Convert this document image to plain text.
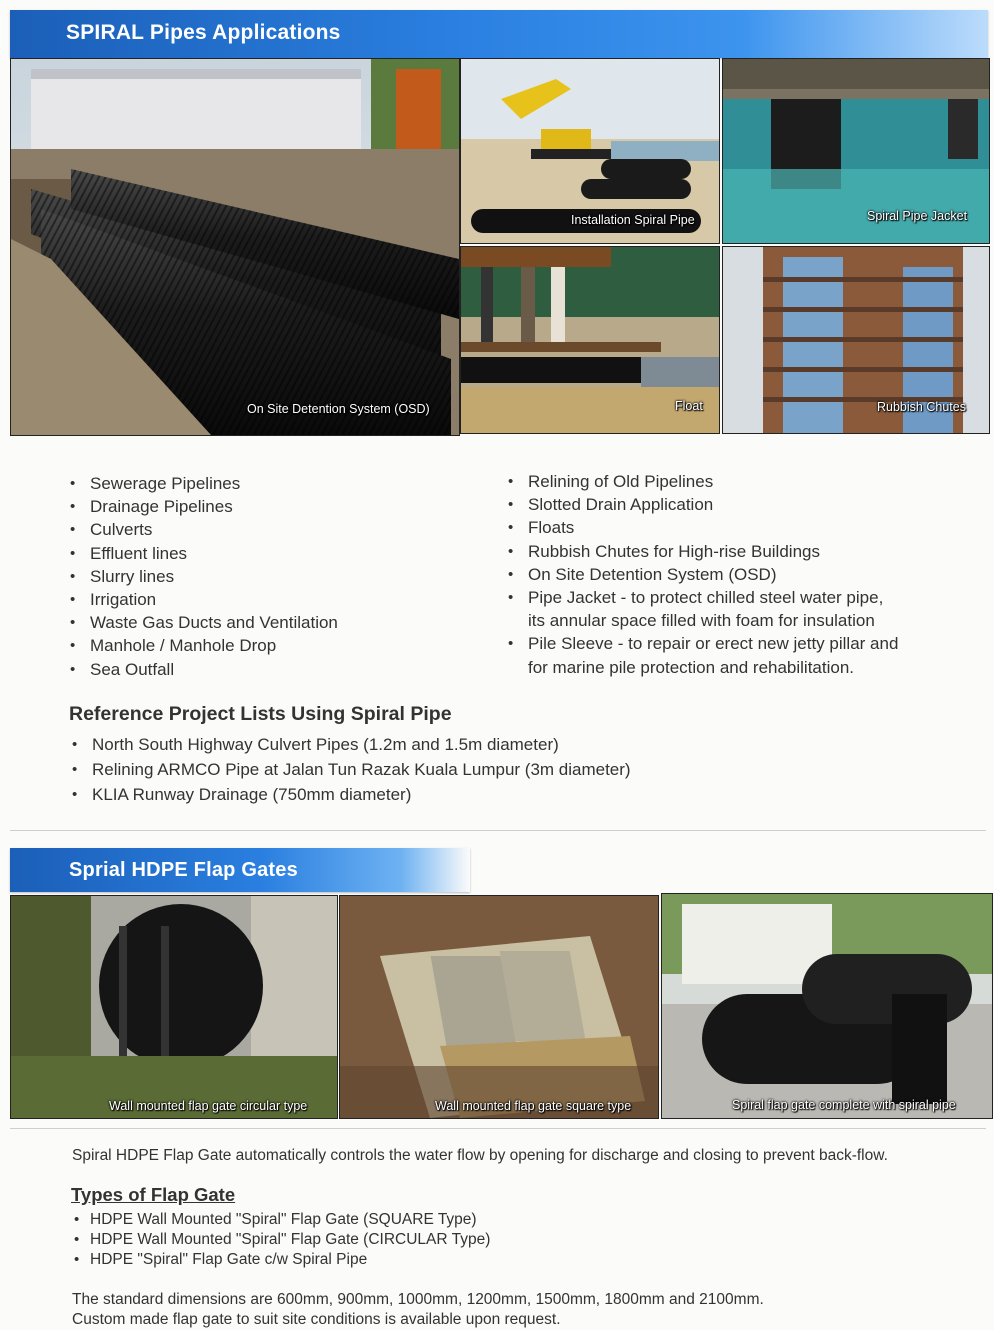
SPIRAL Pipes Applications
On Site Detention System (OSD)
Installation Spiral Pipe	Spiral Pipe Jacket
Float	Rubbish Chutes
• Sewerage Pipelines
• Drainage Pipelines
• Culverts
• Effluent lines
• Slurry lines
• Irrigation
• Waste Gas Ducts and Ventilation
• Manhole / Manhole Drop
• Sea Outfall
• Relining of Old Pipelines
• Slotted Drain Application
• Floats
• Rubbish Chutes for High-rise Buildings
• On Site Detention System (OSD)
• Pipe Jacket - to protect chilled steel water pipe,
its annular space filled with foam for insulation
• Pile Sleeve - to repair or erect new jetty pillar and
for marine pile protection and rehabilitation.
Reference Project Lists Using Spiral Pipe
• North South Highway Culvert Pipes (1.2m and 1.5m diameter)
• Relining ARMCO Pipe at Jalan Tun Razak Kuala Lumpur (3m diameter)
• KLIA Runway Drainage (750mm diameter)
Sprial HDPE Flap Gates
Wall mounted flap gate circular type	Wall mounted flap gate square type	Spiral flap gate complete with spiral pipe
Spiral HDPE Flap Gate automatically controls the water flow by opening for discharge and closing to prevent back-flow.
Types of Flap Gate
• HDPE Wall Mounted "Spiral" Flap Gate (SQUARE Type)
• HDPE Wall Mounted "Spiral" Flap Gate (CIRCULAR Type)
• HDPE "Spiral" Flap Gate c/w Spiral Pipe
The standard dimensions are 600mm, 900mm, 1000mm, 1200mm, 1500mm, 1800mm and 2100mm.
Custom made flap gate to suit site conditions is available upon request.
